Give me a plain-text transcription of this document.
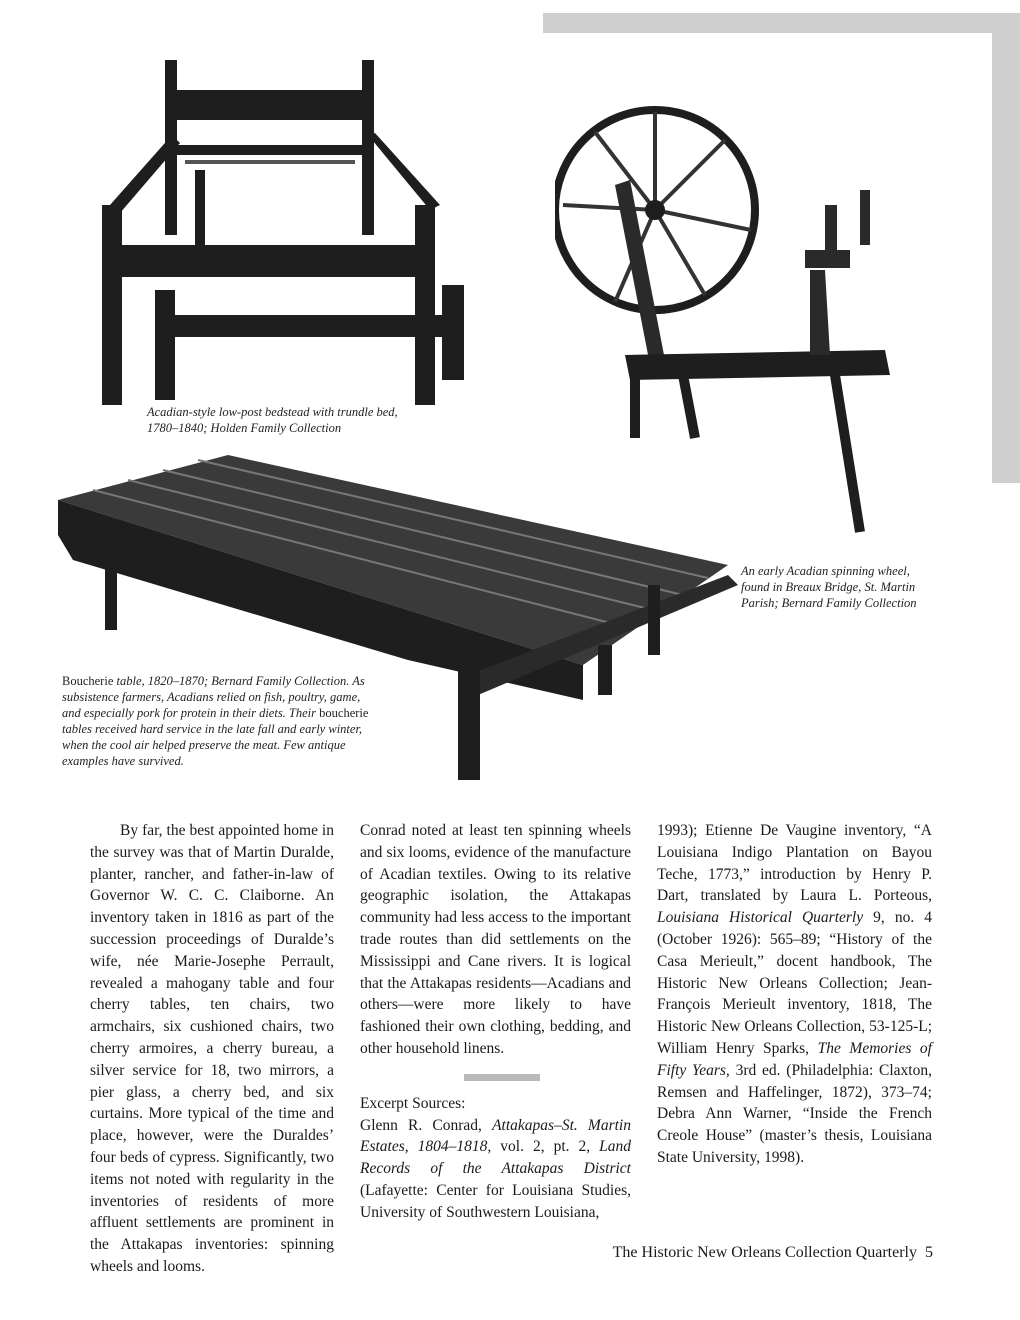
Acadian-style low-post bedstead with trundle bed, 1780–1840; Holden Family Collection
An early Acadian spinning wheel, found in Breaux Bridge, St. Martin Parish; Bernard Family Collection
Boucherie table, 1820–1870; Bernard Family Collection. As subsistence farmers, Acadians relied on fish, poultry, game, and especially pork for protein in their diets. Their boucherie tables received hard service in the late fall and early winter, when the cool air helped preserve the meat. Few antique examples have survived.

By far, the best appointed home in the survey was that of Martin Duralde, planter, rancher, and father-in-law of Governor W. C. C. Claiborne. An inventory taken in 1816 as part of the succession proceedings of Duralde’s wife, née Marie-Josephe Perrault, revealed a mahogany table and four cherry tables, ten chairs, two armchairs, six cushioned chairs, two cherry armoires, a cherry bureau, a silver service for 18, two mirrors, a pier glass, a cherry bed, and six curtains. More typical of the time and place, however, were the Duraldes’ four beds of cypress. Significantly, two items not noted with regularity in the inventories of residents of more affluent settlements are prominent in the Attakapas inventories: spinning wheels and looms.

Conrad noted at least ten spinning wheels and six looms, evidence of the manufacture of Acadian textiles. Owing to its relative geographic isolation, the Attakapas community had less access to the important trade routes than did settlements on the Mississippi and Cane rivers. It is logical that the Attakapas residents—Acadians and others—were more likely to have fashioned their own clothing, bedding, and other household linens.

Excerpt Sources:

Glenn R. Conrad, Attakapas–St. Martin Estates, 1804–1818, vol. 2, pt. 2, Land Records of the Attakapas District (Lafayette: Center for Louisiana Studies, University of Southwestern Louisiana,

1993); Etienne De Vaugine inventory, “A Louisiana Indigo Plantation on Bayou Teche, 1773,” introduction by Henry P. Dart, translated by Laura L. Porteous, Louisiana Historical Quarterly 9, no. 4 (October 1926): 565–89; “History of the Casa Merieult,” docent handbook, The Historic New Orleans Collection; Jean-François Merieult inventory, 1818, The Historic New Orleans Collection, 53-125-L; William Henry Sparks, The Memories of Fifty Years, 3rd ed. (Philadelphia: Claxton, Remsen and Haffelinger, 1872), 373–74; Debra Ann Warner, “Inside the French Creole House” (master’s thesis, Louisiana State University, 1998).

The Historic New Orleans Collection Quarterly 5
